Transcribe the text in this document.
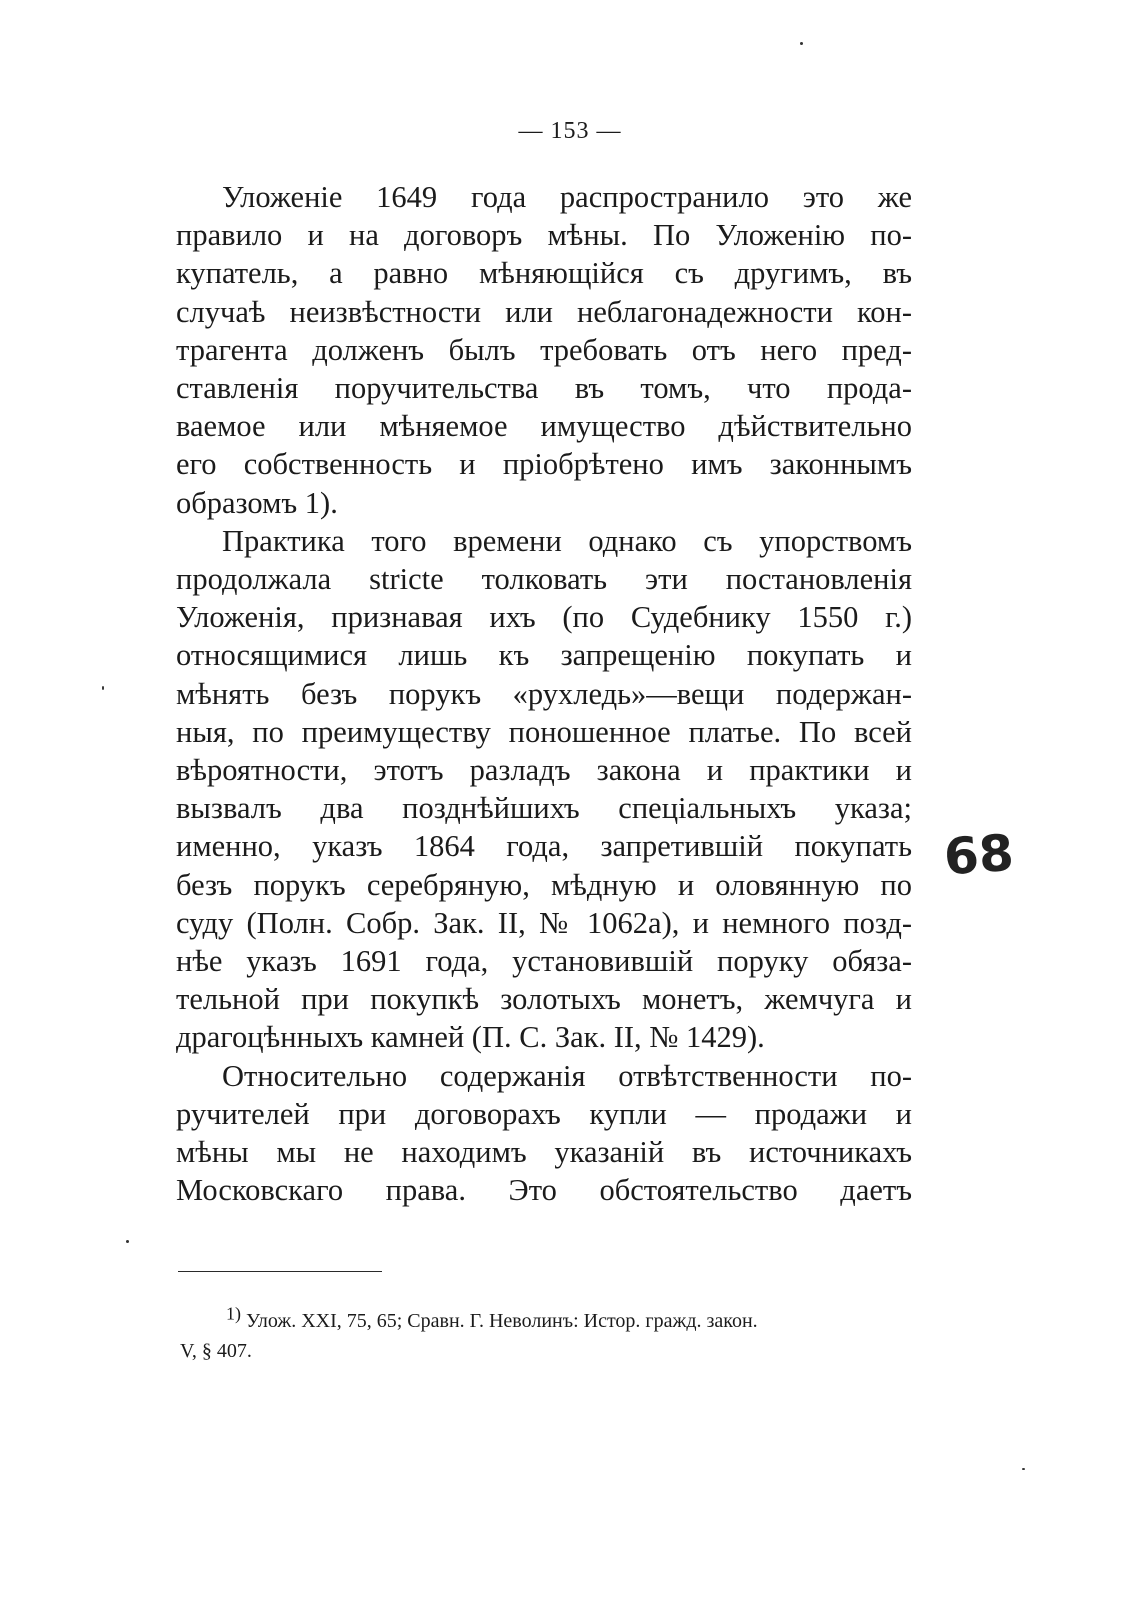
— 153 —
Уложеніе 1649 года распространило это же
правило и на договоръ мѣны. По Уложенію по-
купатель, а равно мѣняющійся съ другимъ, въ
случаѣ неизвѣстности или неблагонадежности кон-
трагента долженъ былъ требовать отъ него пред-
ставленія поручительства въ томъ, что прода-
ваемое или мѣняемое имущество дѣйствительно
его собственность и пріобрѣтено имъ законнымъ
образомъ 1).
Практика того времени однако съ упорствомъ
продолжала stricte толковать эти постановленія
Уложенія, признавая ихъ (по Судебнику 1550 г.)
относящимися лишь къ запрещенію покупать и
мѣнять безъ порукъ «рухледь»—вещи подержан-
ныя, по преимуществу поношенное платье. По всей
вѣроятности, этотъ разладъ закона и практики и
вызвалъ два позднѣйшихъ спеціальныхъ указа;
именно, указъ 1864 года, запретившій покупать
безъ порукъ серебряную, мѣдную и оловянную по
суду (Полн. Собр. Зак. II, № 1062а), и немного позд-
нѣе указъ 1691 года, установившій поруку обяза-
тельной при покупкѣ золотыхъ монетъ, жемчуга и
драгоцѣнныхъ камней (П. С. Зак. II, № 1429).
Относительно содержанія отвѣтственности по-
ручителей при договорахъ купли — продажи и
мѣны мы не находимъ указаній въ источникахъ
Московскаго права. Это обстоятельство даетъ
1) Улож. XXI, 75, 65; Сравн. Г. Неволинъ: Истор. гражд. закон.
V, § 407.
68
